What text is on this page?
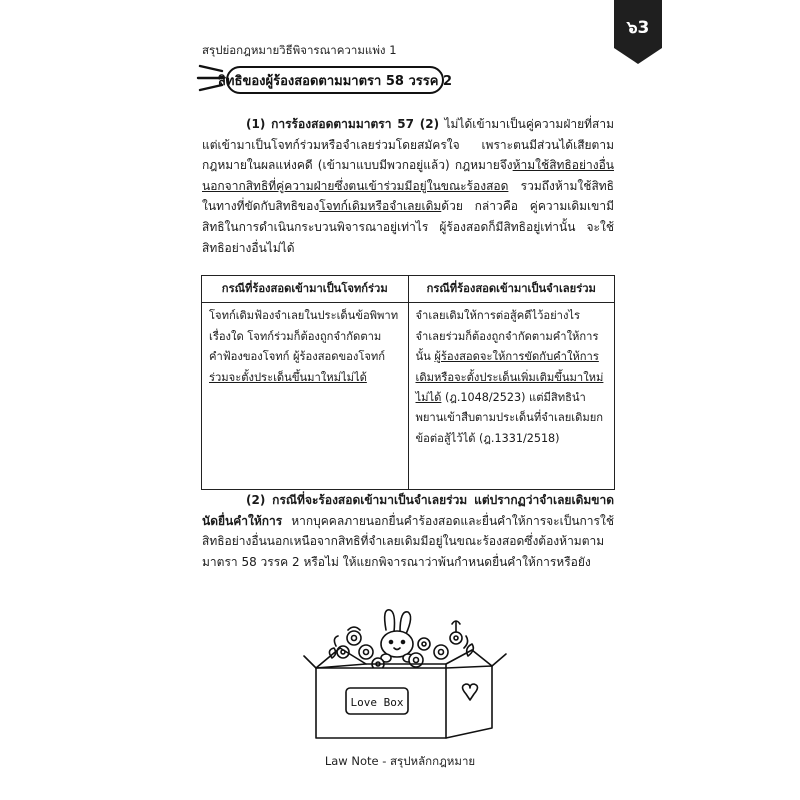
สรุปย่อกฎหมายวิธีพิจารณาความแพ่ง 1
๖3
สิทธิของผู้ร้องสอดตามมาตรา 58 วรรค 2

(1) การร้องสอดตามมาตรา 57 (2) ไม่ได้เข้ามาเป็นคู่ความฝ่ายที่สาม แต่เข้ามาเป็นโจทก์ร่วมหรือจำเลยร่วมโดยสมัครใจ เพราะตนมีส่วนได้เสียตามกฎหมายในผลแห่งคดี (เข้ามาแบบมีพวกอยู่แล้ว) กฎหมายจึงห้ามใช้สิทธิอย่างอื่นนอกจากสิทธิที่คู่ความฝ่ายซึ่งตนเข้าร่วมมีอยู่ในขณะร้องสอด รวมถึงห้ามใช้สิทธิในทางที่ขัดกับสิทธิของโจทก์เดิมหรือจำเลยเดิมด้วย กล่าวคือ คู่ความเดิมเขามีสิทธิในการดำเนินกระบวนพิจารณาอยู่เท่าไร ผู้ร้องสอดก็มีสิทธิอยู่เท่านั้น จะใช้สิทธิอย่างอื่นไม่ได้

กรณีที่ร้องสอดเข้ามาเป็นโจทก์ร่วม	กรณีที่ร้องสอดเข้ามาเป็นจำเลยร่วม

โจทก์เดิมฟ้องจำเลยในประเด็นข้อพิพาทเรื่องใด โจทก์ร่วมก็ต้องถูกจำกัดตามคำฟ้องของโจทก์ ผู้ร้องสอดของโจทก์ร่วมจะตั้งประเด็นขึ้นมาใหม่ไม่ได้	จำเลยเดิมให้การต่อสู้คดีไว้อย่างไร จำเลยร่วมก็ต้องถูกจำกัดตามคำให้การนั้น ผู้ร้องสอดจะให้การขัดกับคำให้การเดิมหรือจะตั้งประเด็นเพิ่มเติมขึ้นมาใหม่ไม่ได้ (ฎ.1048/2523) แต่มีสิทธินำพยานเข้าสืบตามประเด็นที่จำเลยเดิมยกข้อต่อสู้ไว้ได้ (ฎ.1331/2518)

(2) กรณีที่จะร้องสอดเข้ามาเป็นจำเลยร่วม แต่ปรากฏว่าจำเลยเดิมขาดนัดยื่นคำให้การ หากบุคคลภายนอกยื่นคำร้องสอดและยื่นคำให้การจะเป็นการใช้สิทธิอย่างอื่นนอกเหนือจากสิทธิที่จำเลยเดิมมีอยู่ในขณะร้องสอดซึ่งต้องห้ามตามมาตรา 58 วรรค 2 หรือไม่ ให้แยกพิจารณาว่าพ้นกำหนดยื่นคำให้การหรือยัง

Love Box
Law Note - สรุปหลักกฎหมาย
